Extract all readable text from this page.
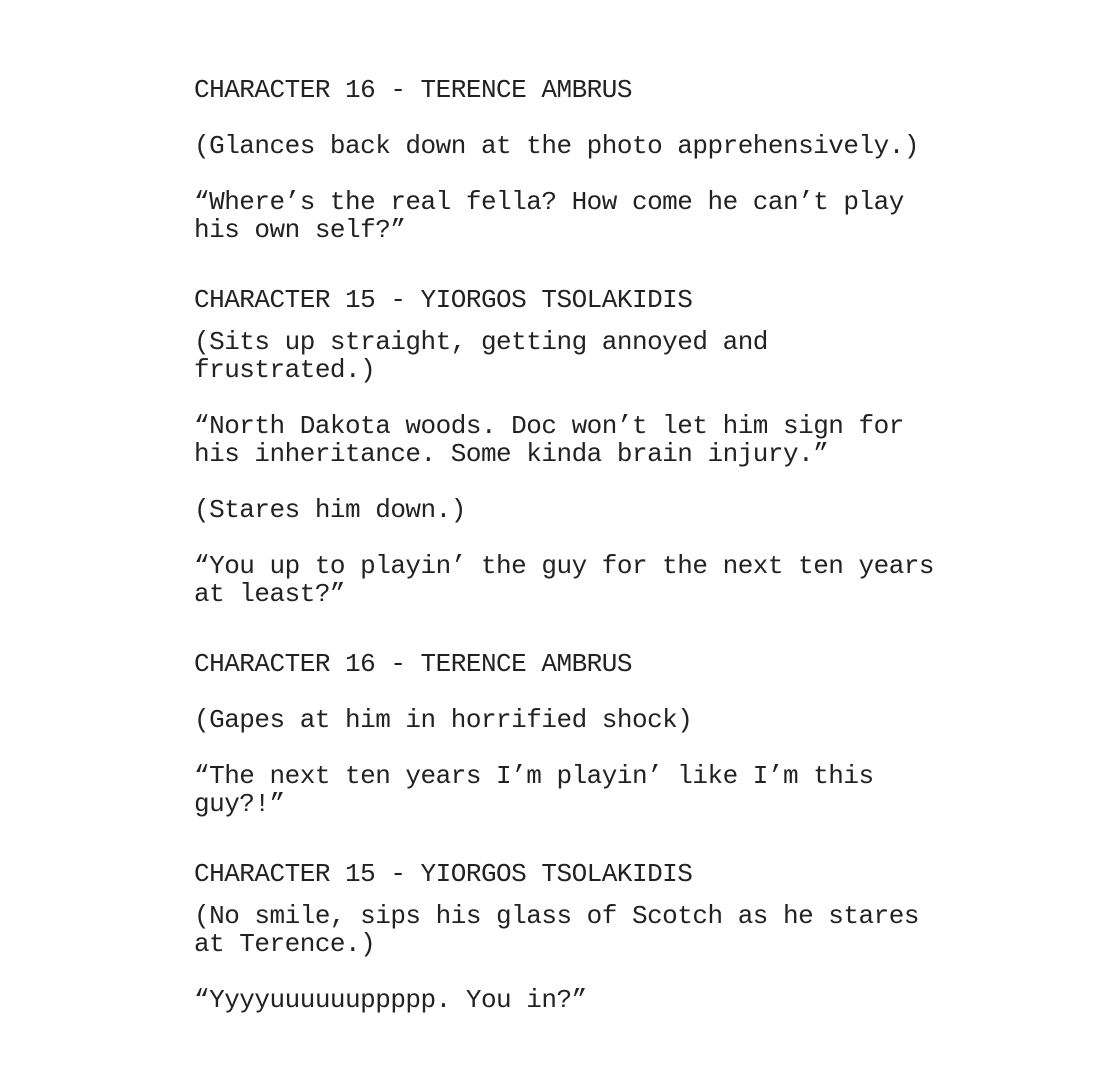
CHARACTER 16 - TERENCE AMBRUS

(Glances back down at the photo apprehensively.)

“Where’s the real fella? How come he can’t play

his own self?”

CHARACTER 15 - YIORGOS TSOLAKIDIS

(Sits up straight, getting annoyed and

frustrated.)

“North Dakota woods. Doc won’t let him sign for

his inheritance. Some kinda brain injury.”

(Stares him down.)

“You up to playin’ the guy for the next ten years

at least?”

CHARACTER 16 - TERENCE AMBRUS

(Gapes at him in horrified shock)

“The next ten years I’m playin’ like I’m this

guy?!”

CHARACTER 15 - YIORGOS TSOLAKIDIS

(No smile, sips his glass of Scotch as he stares

at Terence.)

“Yyyyuuuuuuppppp. You in?”
